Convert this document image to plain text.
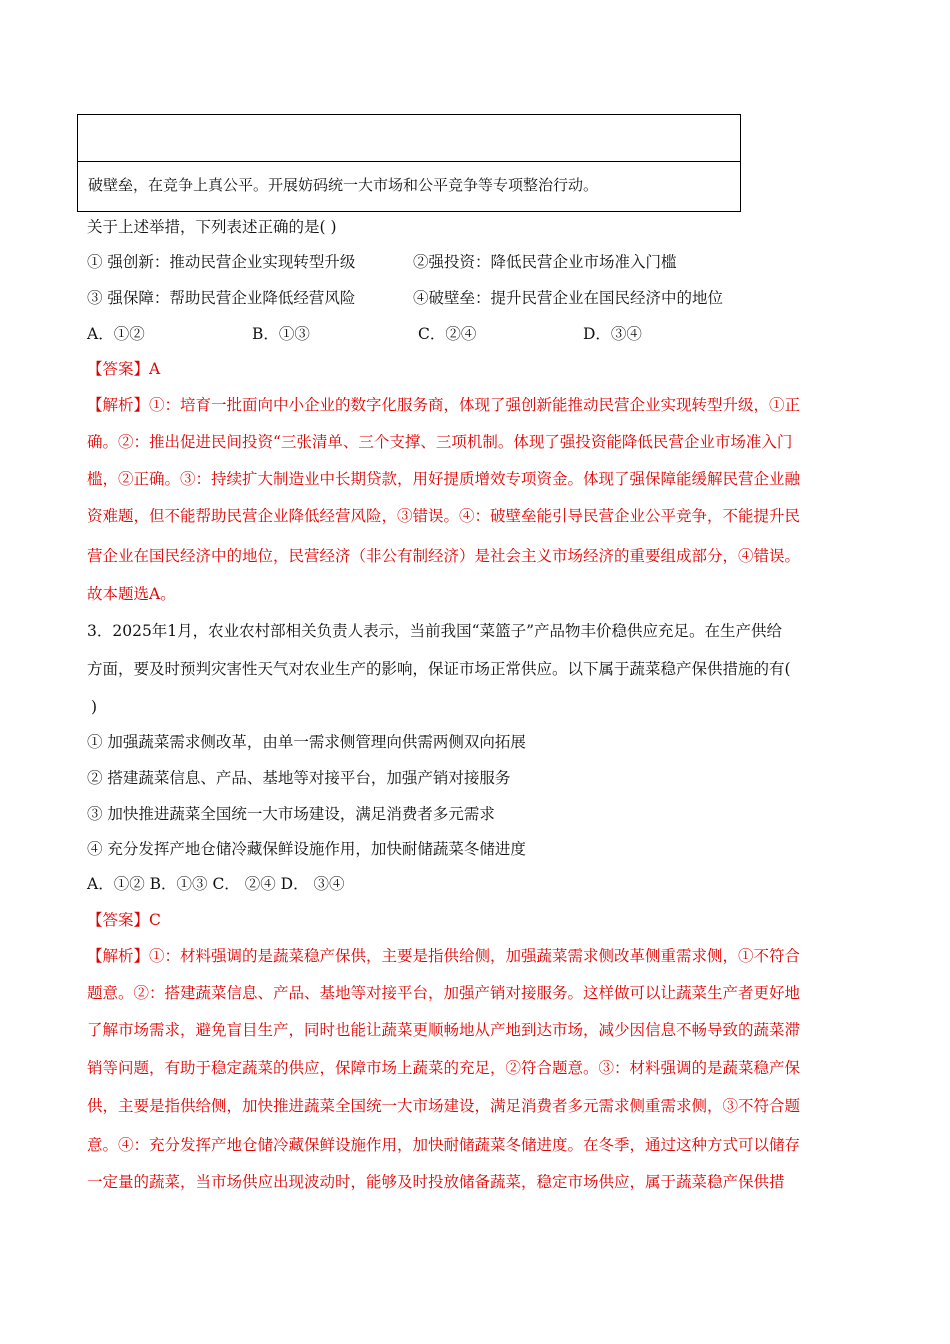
破壁垒，在竞争上真公平。开展妨码统一大市场和公平竞争等专项整治行动。
关于上述举措，下列表述正确的是( )
① 强创新：推动民营企业实现转型升级	②强投资：降低民营企业市场准入门槛
③ 强保障：帮助民营企业降低经营风险	④破壁垒：提升民营企业在国民经济中的地位
A．①②	B．①③	C．②④	D．③④
【答案】A
【解析】①：培育一批面向中小企业的数字化服务商，体现了强创新能推动民营企业实现转型升级，①正
确。②：推出促进民间投资“三张清单、三个支撑、三项机制。体现了强投资能降低民营企业市场准入门
槛，②正确。③：持续扩大制造业中长期贷款，用好提质增效专项资金。体现了强保障能缓解民营企业融
资难题，但不能帮助民营企业降低经营风险，③错误。④：破壁垒能引导民营企业公平竞争，不能提升民
营企业在国民经济中的地位，民营经济（非公有制经济）是社会主义市场经济的重要组成部分，④错误。
故本题选A。
3．2025年1月，农业农村部相关负责人表示，当前我国“菜篮子”产品物丰价稳供应充足。在生产供给
方面，要及时预判灾害性天气对农业生产的影响，保证市场正常供应。以下属于蔬菜稳产保供措施的有(
)
① 加强蔬菜需求侧改革，由单一需求侧管理向供需两侧双向拓展
② 搭建蔬菜信息、产品、基地等对接平台，加强产销对接服务
③ 加快推进蔬菜全国统一大市场建设，满足消费者多元需求
④ 充分发挥产地仓储冷藏保鲜设施作用，加快耐储蔬菜冬储进度
A．①② B．①③ C． ②④ D． ③④
【答案】C
【解析】①：材料强调的是蔬菜稳产保供，主要是指供给侧，加强蔬菜需求侧改革侧重需求侧，①不符合
题意。②：搭建蔬菜信息、产品、基地等对接平台，加强产销对接服务。这样做可以让蔬菜生产者更好地
了解市场需求，避免盲目生产，同时也能让蔬菜更顺畅地从产地到达市场，减少因信息不畅导致的蔬菜滞
销等问题，有助于稳定蔬菜的供应，保障市场上蔬菜的充足，②符合题意。③：材料强调的是蔬菜稳产保
供，主要是指供给侧，加快推进蔬菜全国统一大市场建设，满足消费者多元需求侧重需求侧，③不符合题
意。④：充分发挥产地仓储冷藏保鲜设施作用，加快耐储蔬菜冬储进度。在冬季，通过这种方式可以储存
一定量的蔬菜，当市场供应出现波动时，能够及时投放储备蔬菜，稳定市场供应，属于蔬菜稳产保供措
